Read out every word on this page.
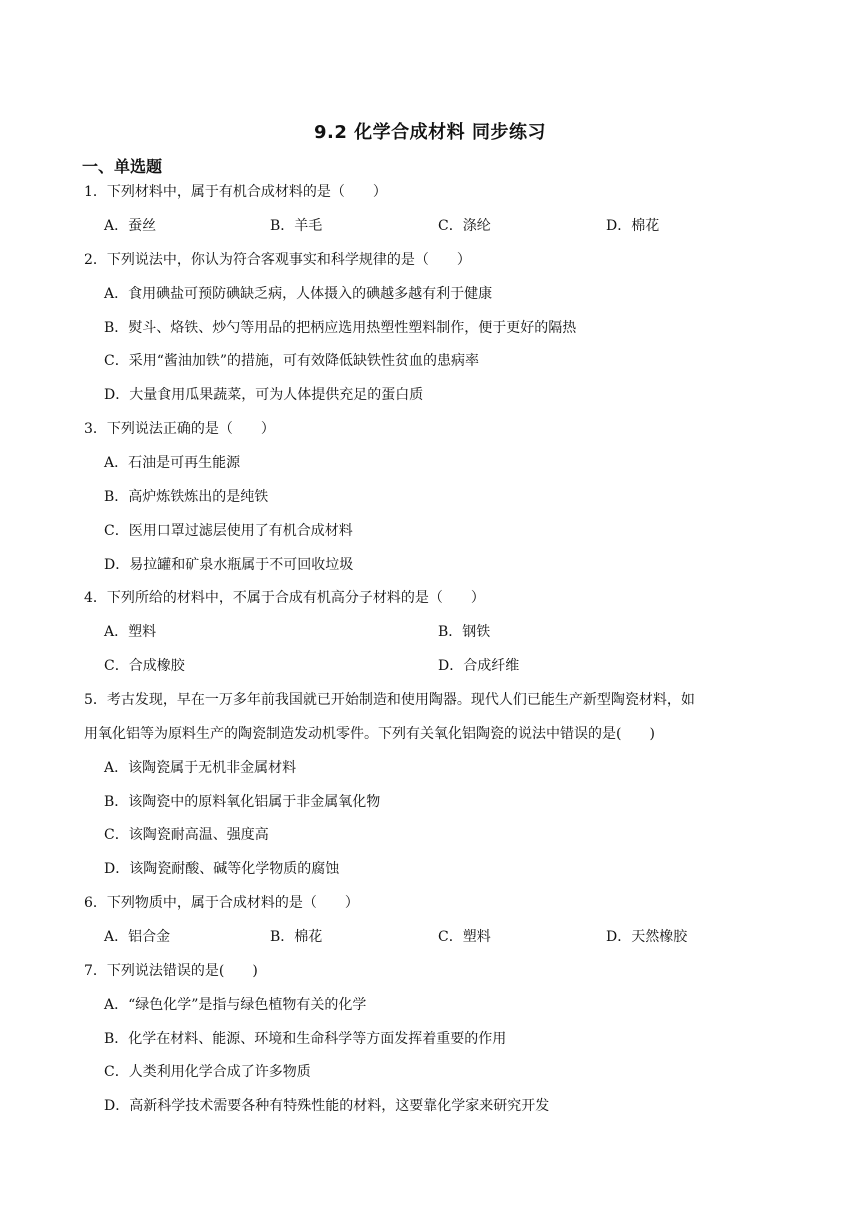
9.2 化学合成材料 同步练习
一、单选题
1．下列材料中，属于有机合成材料的是（　　）
A．蚕丝	B．羊毛	C．涤纶	D．棉花
2．下列说法中，你认为符合客观事实和科学规律的是（　　）
A．食用碘盐可预防碘缺乏病，人体摄入的碘越多越有利于健康
B．熨斗、烙铁、炒勺等用品的把柄应选用热塑性塑料制作，便于更好的隔热
C．采用“酱油加铁”的措施，可有效降低缺铁性贫血的患病率
D．大量食用瓜果蔬菜，可为人体提供充足的蛋白质
3．下列说法正确的是（　　）
A．石油是可再生能源
B．高炉炼铁炼出的是纯铁
C．医用口罩过滤层使用了有机合成材料
D．易拉罐和矿泉水瓶属于不可回收垃圾
4．下列所给的材料中，不属于合成有机高分子材料的是（　　）
A．塑料	B．钢铁
C．合成橡胶	D．合成纤维
5．考古发现，早在一万多年前我国就已开始制造和使用陶器。现代人们已能生产新型陶瓷材料，如
用氧化铝等为原料生产的陶瓷制造发动机零件。下列有关氧化铝陶瓷的说法中错误的是(　　)
A．该陶瓷属于无机非金属材料
B．该陶瓷中的原料氧化铝属于非金属氧化物
C．该陶瓷耐高温、强度高
D．该陶瓷耐酸、碱等化学物质的腐蚀
6．下列物质中，属于合成材料的是（　　）
A．铝合金	B．棉花	C．塑料	D．天然橡胶
7．下列说法错误的是(　　)
A．“绿色化学”是指与绿色植物有关的化学
B．化学在材料、能源、环境和生命科学等方面发挥着重要的作用
C．人类利用化学合成了许多物质
D．高新科学技术需要各种有特殊性能的材料，这要靠化学家来研究开发
